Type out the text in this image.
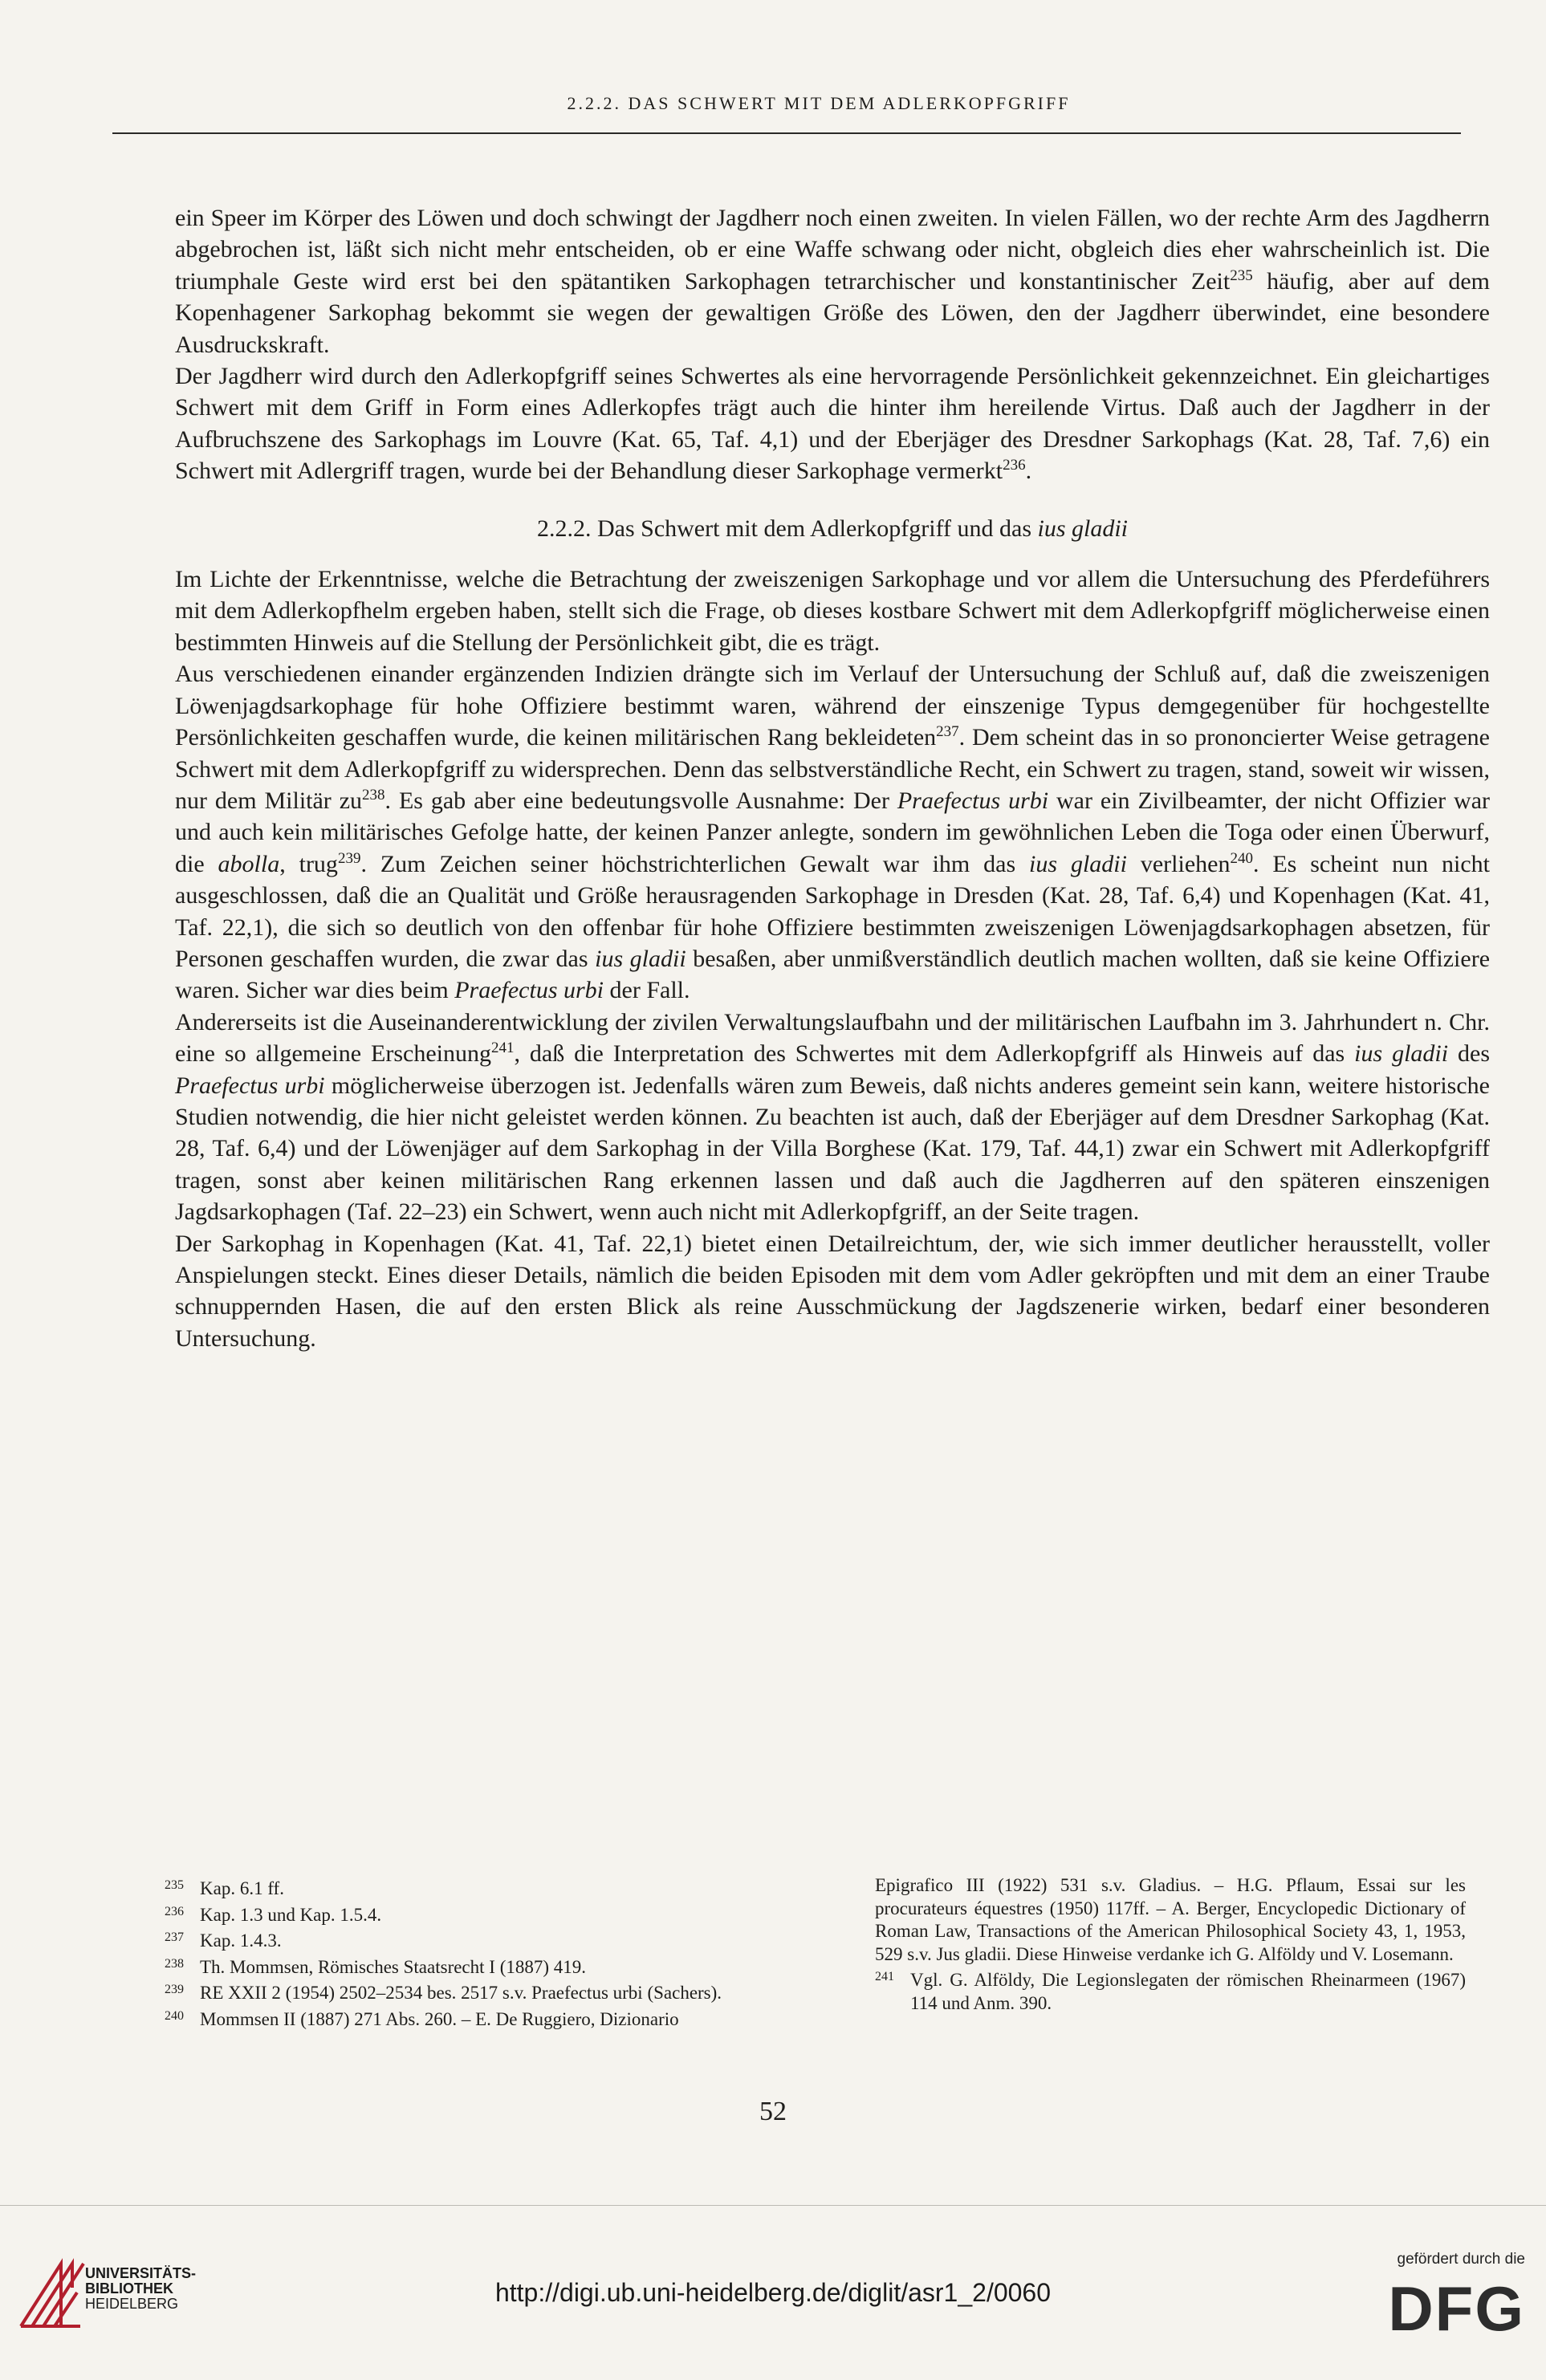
2.2.2. DAS SCHWERT MIT DEM ADLERKOPFGRIFF

ein Speer im Körper des Löwen und doch schwingt der Jagdherr noch einen zweiten. In vielen Fällen, wo der rechte Arm des Jagdherrn abgebrochen ist, läßt sich nicht mehr entscheiden, ob er eine Waffe schwang oder nicht, obgleich dies eher wahrscheinlich ist. Die triumphale Geste wird erst bei den spätantiken Sarkophagen tetrarchischer und konstantinischer Zeit$^{235}$ häufig, aber auf dem Kopenhagener Sarkophag bekommt sie wegen der gewaltigen Größe des Löwen, den der Jagdherr überwindet, eine besondere Ausdruckskraft.

Der Jagdherr wird durch den Adlerkopfgriff seines Schwertes als eine hervorragende Persönlichkeit gekennzeichnet. Ein gleichartiges Schwert mit dem Griff in Form eines Adlerkopfes trägt auch die hinter ihm hereilende Virtus. Daß auch der Jagdherr in der Aufbruchszene des Sarkophags im Louvre (Kat. 65, Taf. 4,1) und der Eberjäger des Dresdner Sarkophags (Kat. 28, Taf. 7,6) ein Schwert mit Adlergriff tragen, wurde bei der Behandlung dieser Sarkophage vermerkt$^{236}$.

2.2.2. Das Schwert mit dem Adlerkopfgriff und das ius gladii

Im Lichte der Erkenntnisse, welche die Betrachtung der zweiszenigen Sarkophage und vor allem die Untersuchung des Pferdeführers mit dem Adlerkopfhelm ergeben haben, stellt sich die Frage, ob dieses kostbare Schwert mit dem Adlerkopfgriff möglicherweise einen bestimmten Hinweis auf die Stellung der Persönlichkeit gibt, die es trägt.

Aus verschiedenen einander ergänzenden Indizien drängte sich im Verlauf der Untersuchung der Schluß auf, daß die zweiszenigen Löwenjagdsarkophage für hohe Offiziere bestimmt waren, während der einszenige Typus demgegenüber für hochgestellte Persönlichkeiten geschaffen wurde, die keinen militärischen Rang bekleideten$^{237}$. Dem scheint das in so prononcierter Weise getragene Schwert mit dem Adlerkopfgriff zu widersprechen. Denn das selbstverständliche Recht, ein Schwert zu tragen, stand, soweit wir wissen, nur dem Militär $zu^{238}$. Es gab aber eine bedeutungsvolle Ausnahme: Der Praefectus urbi war ein Zivilbeamter, der nicht Offizier war und auch kein militärisches Gefolge hatte, der keinen Panzer anlegte, sondern im gewöhnlichen Leben die Toga oder einen Überwurf, die abolla, trug$^{239}$. Zum Zeichen seiner höchstrichterlichen Gewalt war ihm das ius gladii verliehen$^{240}$. Es scheint nun nicht ausgeschlossen, daß die an Qualität und Größe herausragenden Sarkophage in Dresden (Kat. 28, Taf. 6,4) und Kopenhagen (Kat. 41, Taf. 22,1), die sich so deutlich von den offenbar für hohe Offiziere bestimmten zweiszenigen Löwenjagdsarkophagen absetzen, für Personen geschaffen wurden, die zwar das ius gladii besaßen, aber unmißverständlich deutlich machen wollten, daß sie keine Offiziere waren. Sicher war dies beim Praefectus urbi der Fall.

Andererseits ist die Auseinanderentwicklung der zivilen Verwaltungslaufbahn und der militärischen Laufbahn im 3. Jahrhundert n. Chr. eine so allgemeine Erscheinung$^{241}$, daß die Interpretation des Schwertes mit dem Adlerkopfgriff als Hinweis auf das ius gladii des Praefectus urbi möglicherweise überzogen ist. Jedenfalls wären zum Beweis, daß nichts anderes gemeint sein kann, weitere historische Studien notwendig, die hier nicht geleistet werden können. Zu beachten ist auch, daß der Eberjäger auf dem Dresdner Sarkophag (Kat. 28, Taf. 6,4) und der Löwenjäger auf dem Sarkophag in der Villa Borghese (Kat. 179, Taf. 44,1) zwar ein Schwert mit Adlerkopfgriff tragen, sonst aber keinen militärischen Rang erkennen lassen und daß auch die Jagdherren auf den späteren einszenigen Jagdsarkophagen (Taf. 22–23) ein Schwert, wenn auch nicht mit Adlerkopfgriff, an der Seite tragen.

Der Sarkophag in Kopenhagen (Kat. 41, Taf. 22,1) bietet einen Detailreichtum, der, wie sich immer deutlicher herausstellt, voller Anspielungen steckt. Eines dieser Details, nämlich die beiden Episoden mit dem vom Adler gekröpften und mit dem an einer Traube schnuppernden Hasen, die auf den ersten Blick als reine Ausschmückung der Jagdszenerie wirken, bedarf einer besonderen Untersuchung.

235 Kap. 6.1 ff.
236 Kap. 1.3 und Kap. 1.5.4.
237 Kap. 1.4.3.
238 Th. Mommsen, Römisches Staatsrecht I (1887) 419.
239 RE XXII 2 (1954) 2502–2534 bes. 2517 s.v. Praefectus urbi (Sachers).
240 Mommsen II (1887) 271 Abs. 260. – E. De Ruggiero, Dizionario
Epigrafico III (1922) 531 s.v. Gladius. – H.G. Pflaum, Essai sur les procurateurs équestres (1950) 117ff. – A. Berger, Encyclopedic Dictionary of Roman Law, Transactions of the American Philosophical Society 43, 1, 1953, 529 s.v. Jus gladii. Diese Hinweise verdanke ich G. Alföldy und V. Losemann.
241 Vgl. G. Alföldy, Die Legionslegaten der römischen Rheinarmeen (1967) 114 und Anm. 390.
52
UNIVERSITÄTS-
BIBLIOTHEK
HEIDELBERG	http://digi.ub.uni-heidelberg.de/diglit/asr1_2/0060
gefördert durch die
DFG
